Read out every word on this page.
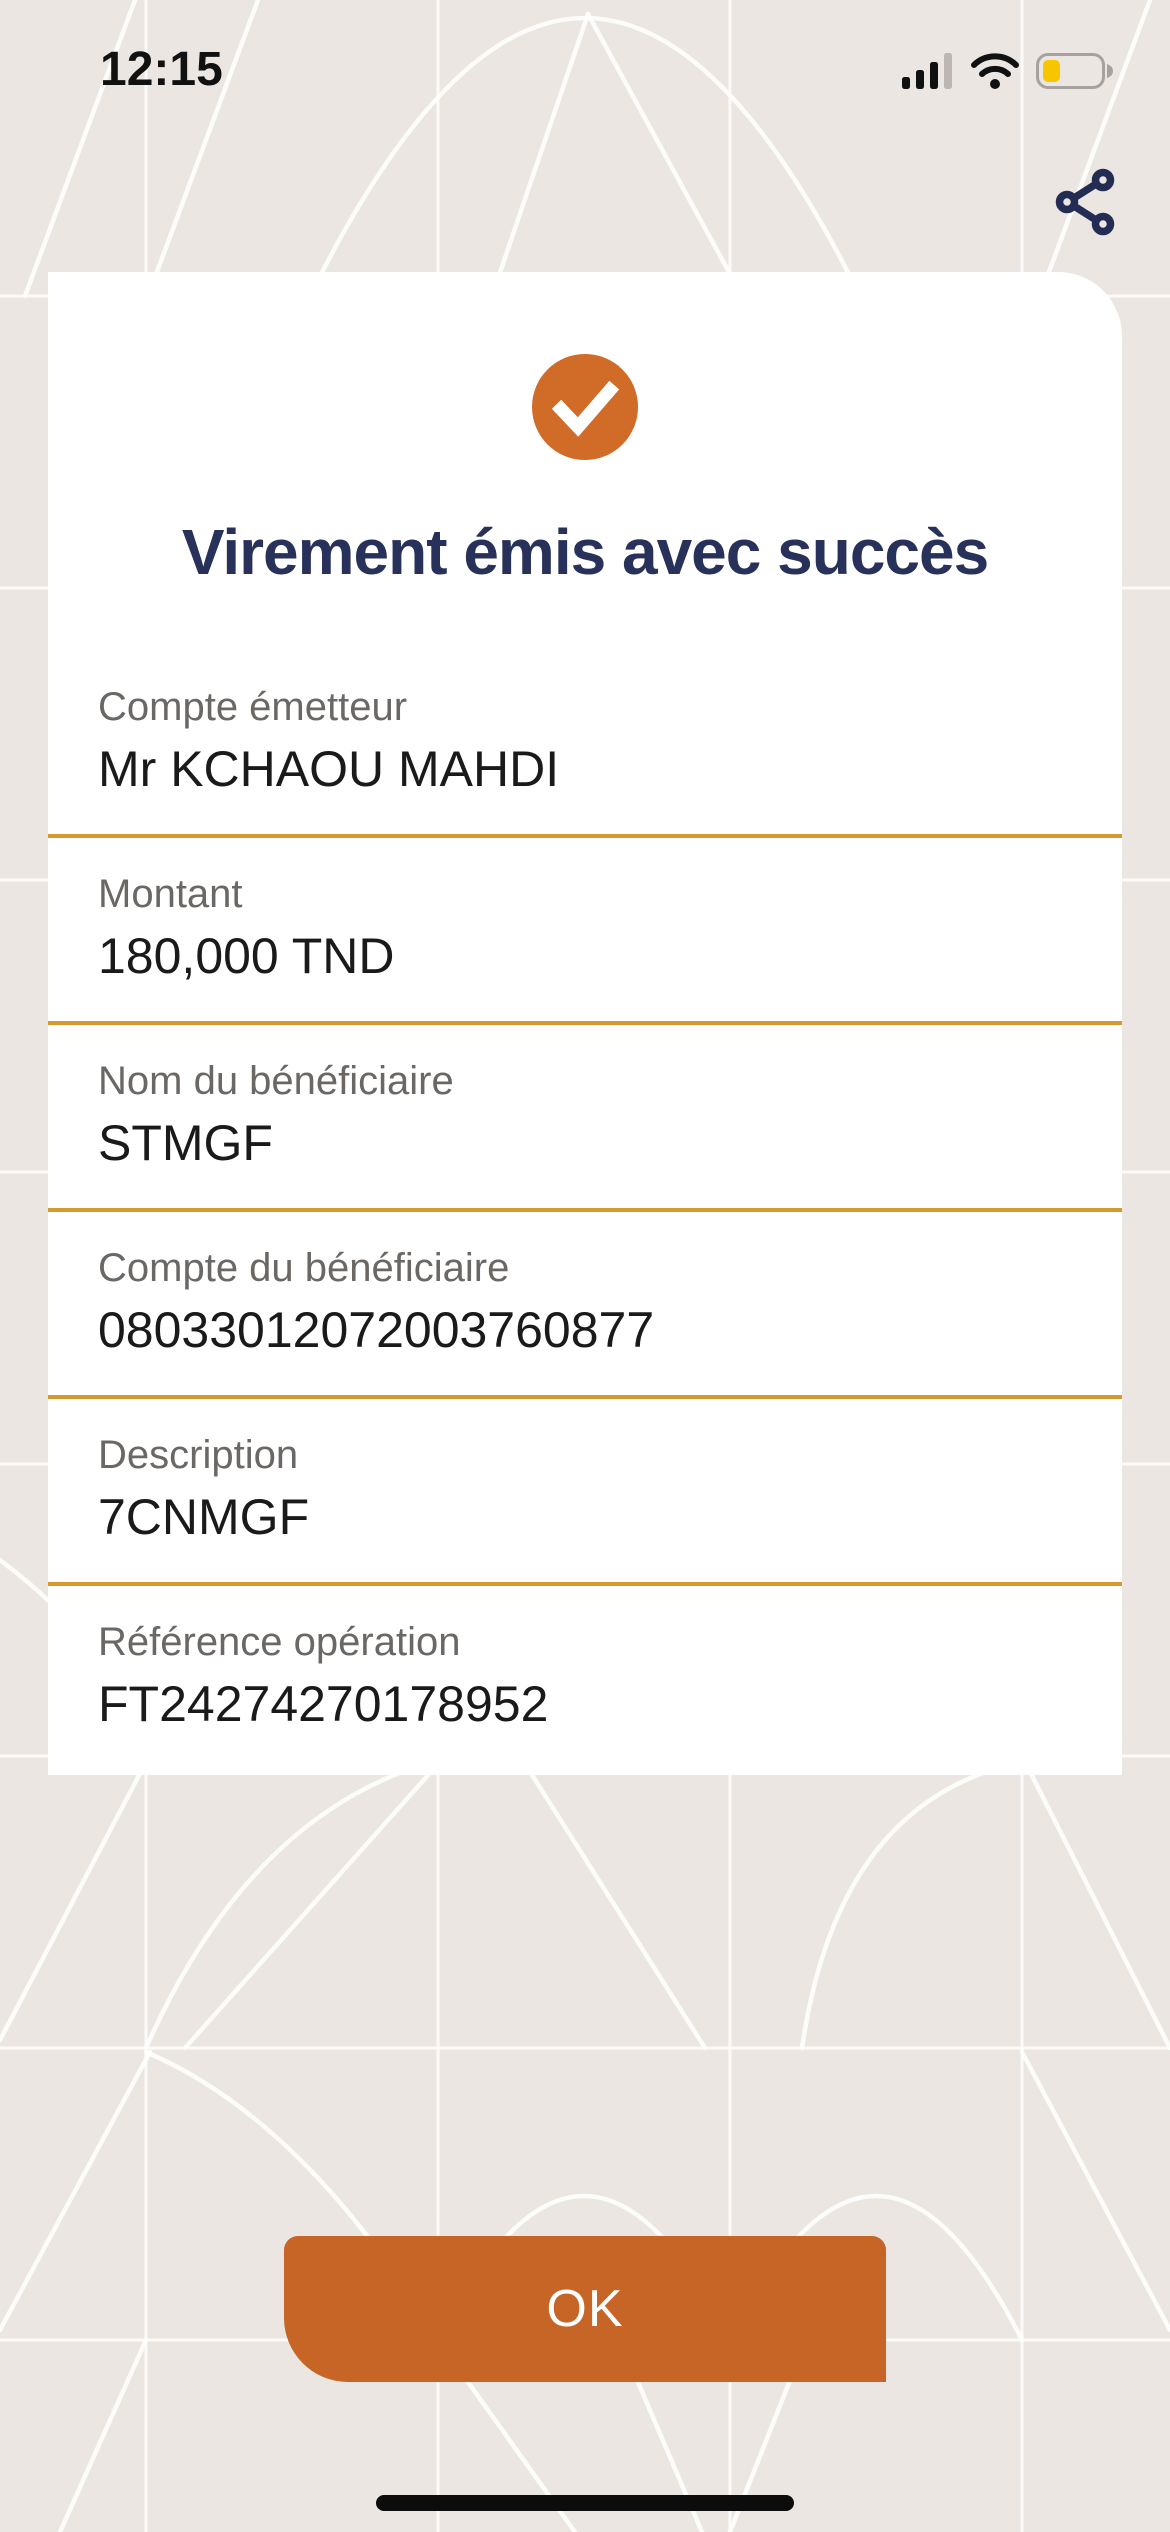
12:15
Virement émis avec succès
Compte émetteur
Mr KCHAOU MAHDI
Montant
180,000 TND
Nom du bénéficiaire
STMGF
Compte du bénéficiaire
08033012072003760877
Description
7CNMGF
Référence opération
FT24274270178952
OK
